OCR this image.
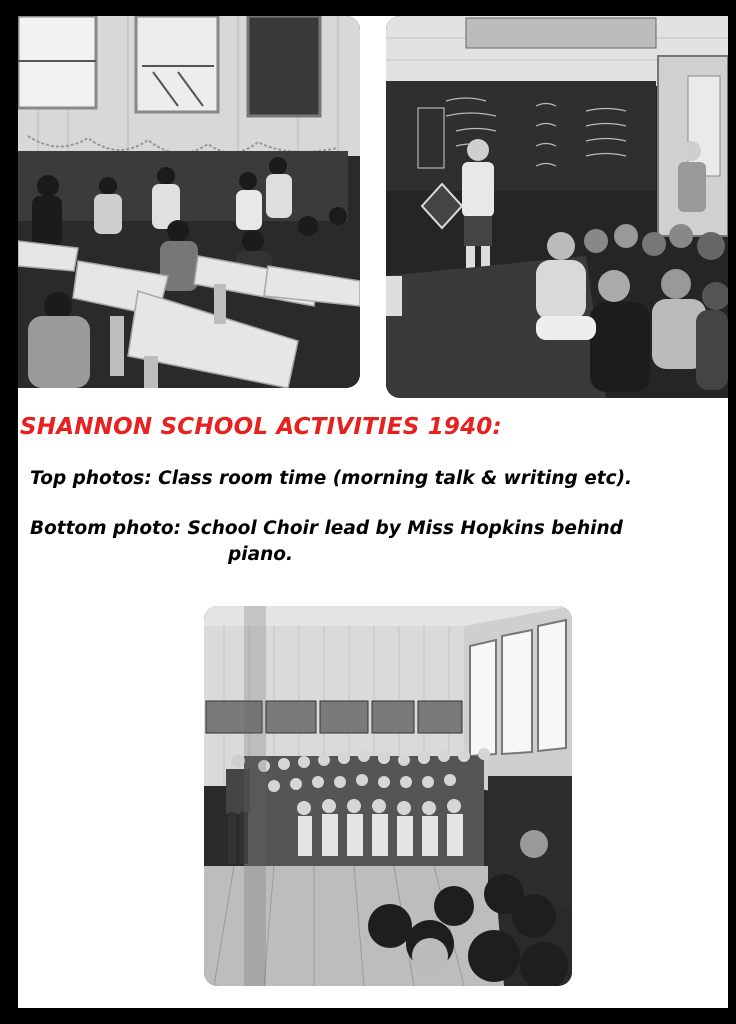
SHANNON SCHOOL ACTIVITIES 1940:
Top photos: Class room time (morning talk & writing etc).
Bottom photo: School Choir lead by Miss Hopkins behind
piano.
